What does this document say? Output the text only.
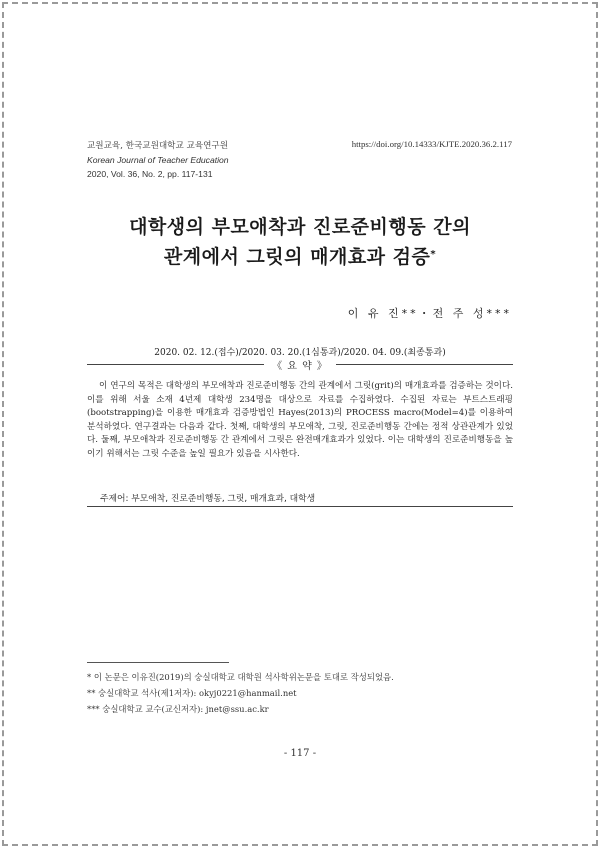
교원교육, 한국교원대학교 교육연구원
Korean Journal of Teacher Education
2020, Vol. 36, No. 2, pp. 117-131
https://doi.org/10.14333/KJTE.2020.36.2.117
대학생의 부모애착과 진로준비행동 간의
관계에서 그릿의 매개효과 검증*
이 유 진**・전 주 성***
2020. 02. 12.(접수)/2020. 03. 20.(1심통과)/2020. 04. 09.(최종통과)
《 요 약 》
이 연구의 목적은 대학생의 부모애착과 진로준비행동 간의 관계에서 그릿(grit)의 매개효과를 검증하는 것이다. 이를 위해 서울 소재 4년제 대학생 234명을 대상으로 자료를 수집하였다. 수집된 자료는 부트스트래핑(bootstrapping)을 이용한 매개효과 검증방법인 Hayes(2013)의 PROCESS macro(Model=4)를 이용하여 분석하였다. 연구결과는 다음과 같다. 첫째, 대학생의 부모애착, 그릿, 진로준비행동 간에는 정적 상관관계가 있었다. 둘째, 부모애착과 진로준비행동 간 관계에서 그릿은 완전매개효과가 있었다. 이는 대학생의 진로준비행동을 높이기 위해서는 그릿 수준을 높일 필요가 있음을 시사한다.
주제어: 부모애착, 진로준비행동, 그릿, 매개효과, 대학생
* 이 논문은 이유진(2019)의 숭실대학교 대학원 석사학위논문을 토대로 작성되었음.
** 숭실대학교 석사(제1저자): okyj0221@hanmail.net
*** 숭실대학교 교수(교신저자): jnet@ssu.ac.kr
- 117 -
